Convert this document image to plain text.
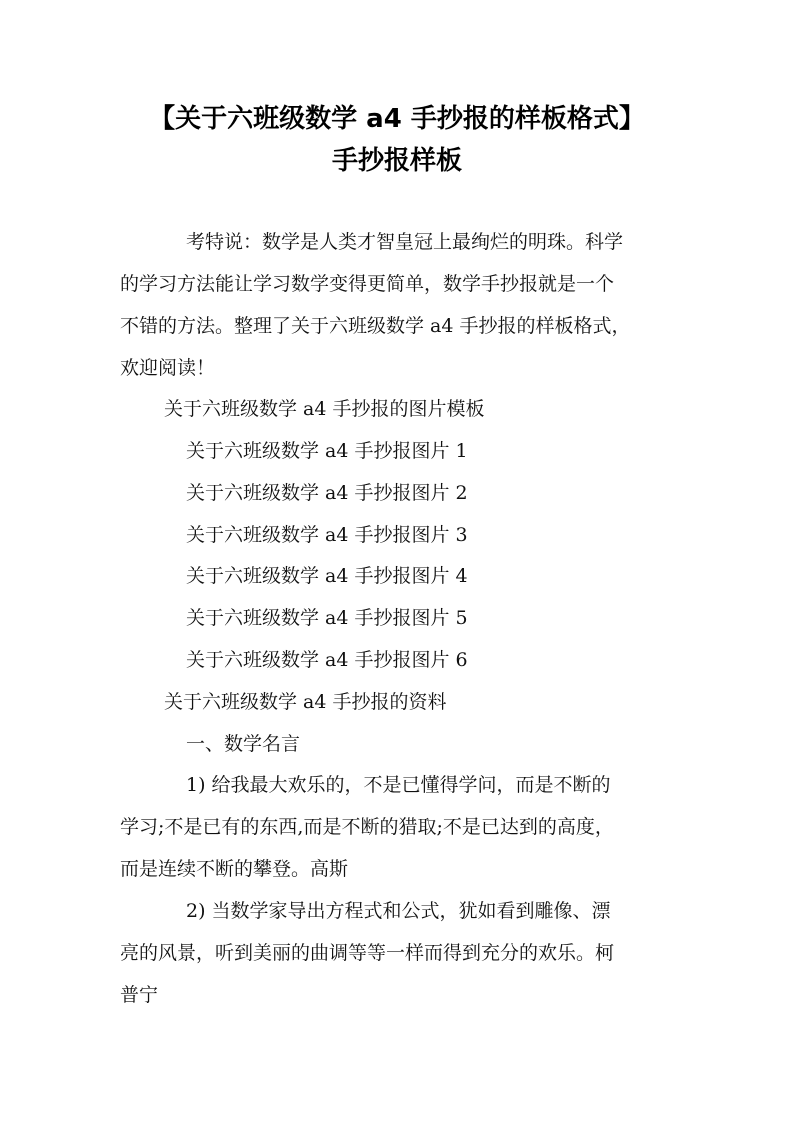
【关于六班级数学 a4 手抄报的样板格式】
手抄报样板
考特说：数学是人类才智皇冠上最绚烂的明珠。科学
的学习方法能让学习数学变得更简单，数学手抄报就是一个
不错的方法。整理了关于六班级数学 a4 手抄报的样板格式，
欢迎阅读！
关于六班级数学 a4 手抄报的图片模板
关于六班级数学 a4 手抄报图片 1
关于六班级数学 a4 手抄报图片 2
关于六班级数学 a4 手抄报图片 3
关于六班级数学 a4 手抄报图片 4
关于六班级数学 a4 手抄报图片 5
关于六班级数学 a4 手抄报图片 6
关于六班级数学 a4 手抄报的资料
一、数学名言
1) 给我最大欢乐的，不是已懂得学问，而是不断的
学习;不是已有的东西,而是不断的猎取;不是已达到的高度，
而是连续不断的攀登。高斯
2) 当数学家导出方程式和公式，犹如看到雕像、漂
亮的风景，听到美丽的曲调等等一样而得到充分的欢乐。柯
普宁
